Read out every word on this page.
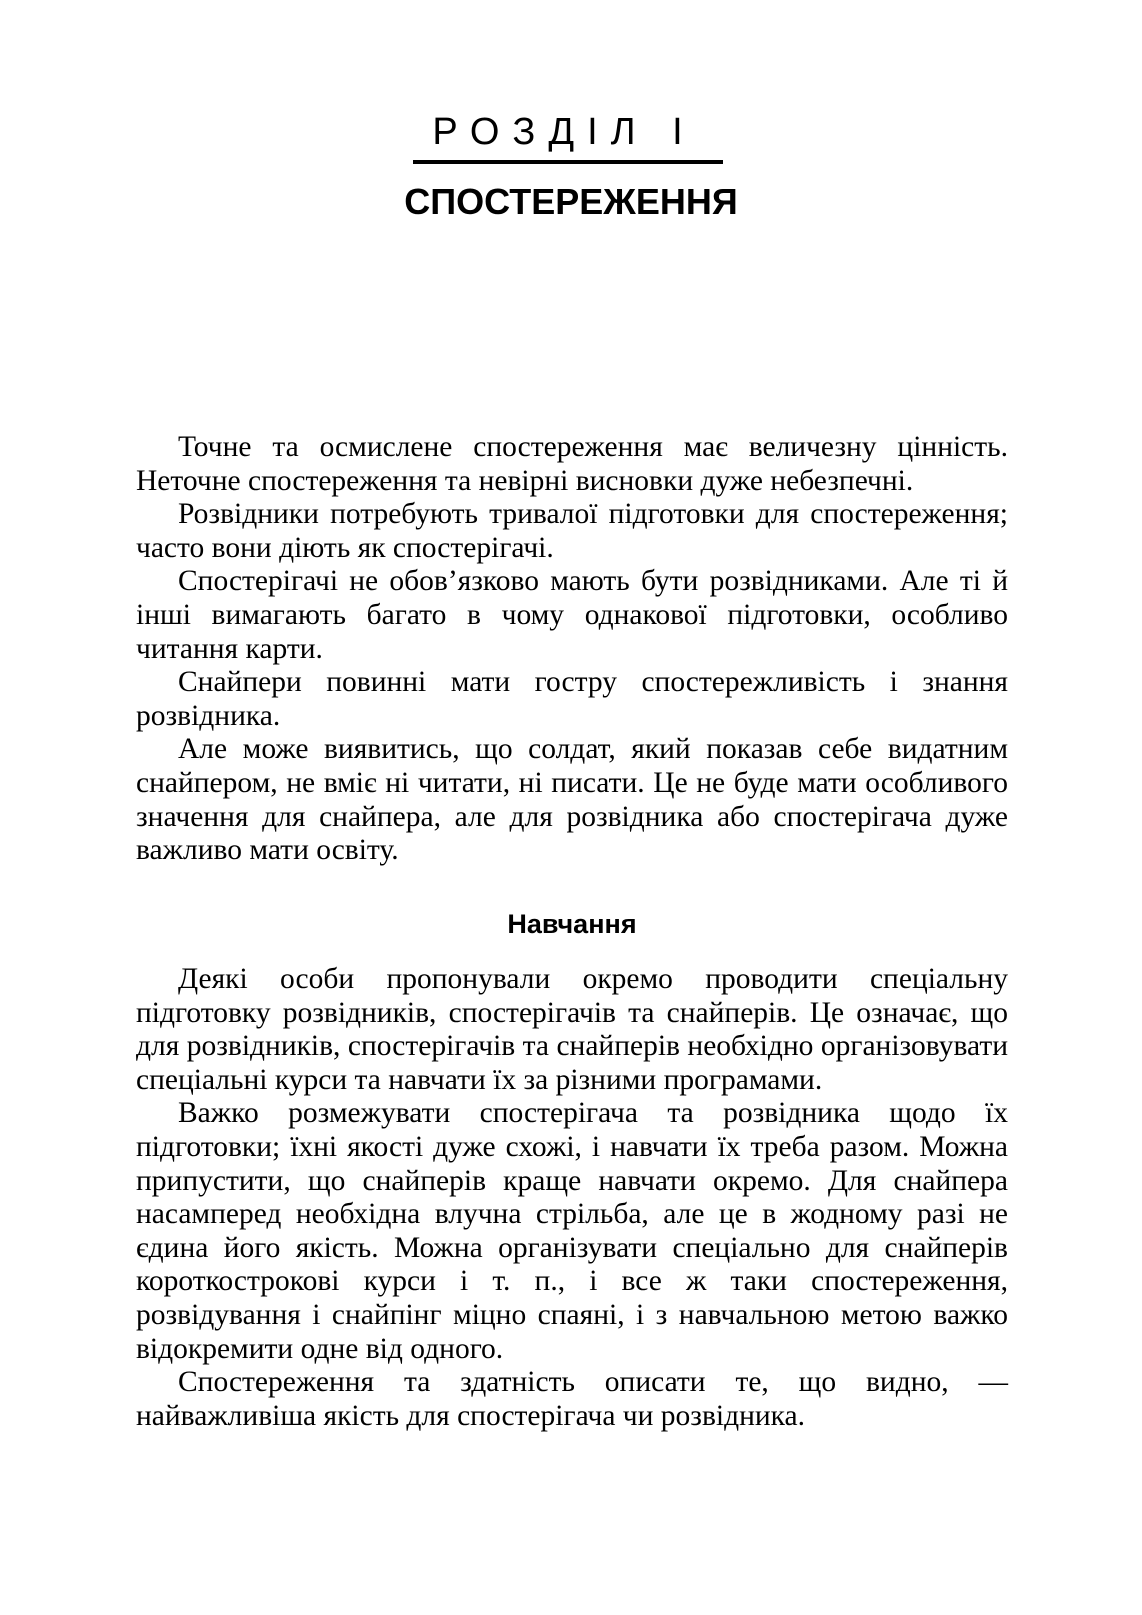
РОЗДІЛ I
СПОСТЕРЕЖЕННЯ

Точне та осмислене спостереження має величезну цінність. Неточне спостереження та невірні висновки дуже небезпечні.

Розвідники потребують тривалої підготовки для спостереження; часто вони діють як спостерігачі.

Спостерігачі не обов’язково мають бути розвідниками. Але ті й інші вимагають багато в чому однакової підготовки, особливо читання карти.

Снайпери повинні мати гостру спостережливість і знання розвідника.

Але може виявитись, що солдат, який показав себе видатним снайпером, не вміє ні читати, ні писати. Це не буде мати особливого значення для снайпера, але для розвідника або спостерігача дуже важливо мати освіту.

Навчання

Деякі особи пропонували окремо проводити спеціальну підготовку розвідників, спостерігачів та снайперів. Це означає, що для розвідників, спостерігачів та снайперів необхідно організовувати спеціальні курси та навчати їх за різними програмами.

Важко розмежувати спостерігача та розвідника щодо їх підготовки; їхні якості дуже схожі, і навчати їх треба разом. Можна припустити, що снайперів краще навчати окремо. Для снайпера насамперед необхідна влучна стрільба, але це в жодному разі не єдина його якість. Можна організувати спеціально для снайперів короткострокові курси і т. п., і все ж таки спостереження, розвідування і снайпінг міцно спаяні, і з навчальною метою важко відокремити одне від одного.

Спостереження та здатність описати те, що видно, — найважливіша якість для спостерігача чи розвідника.
